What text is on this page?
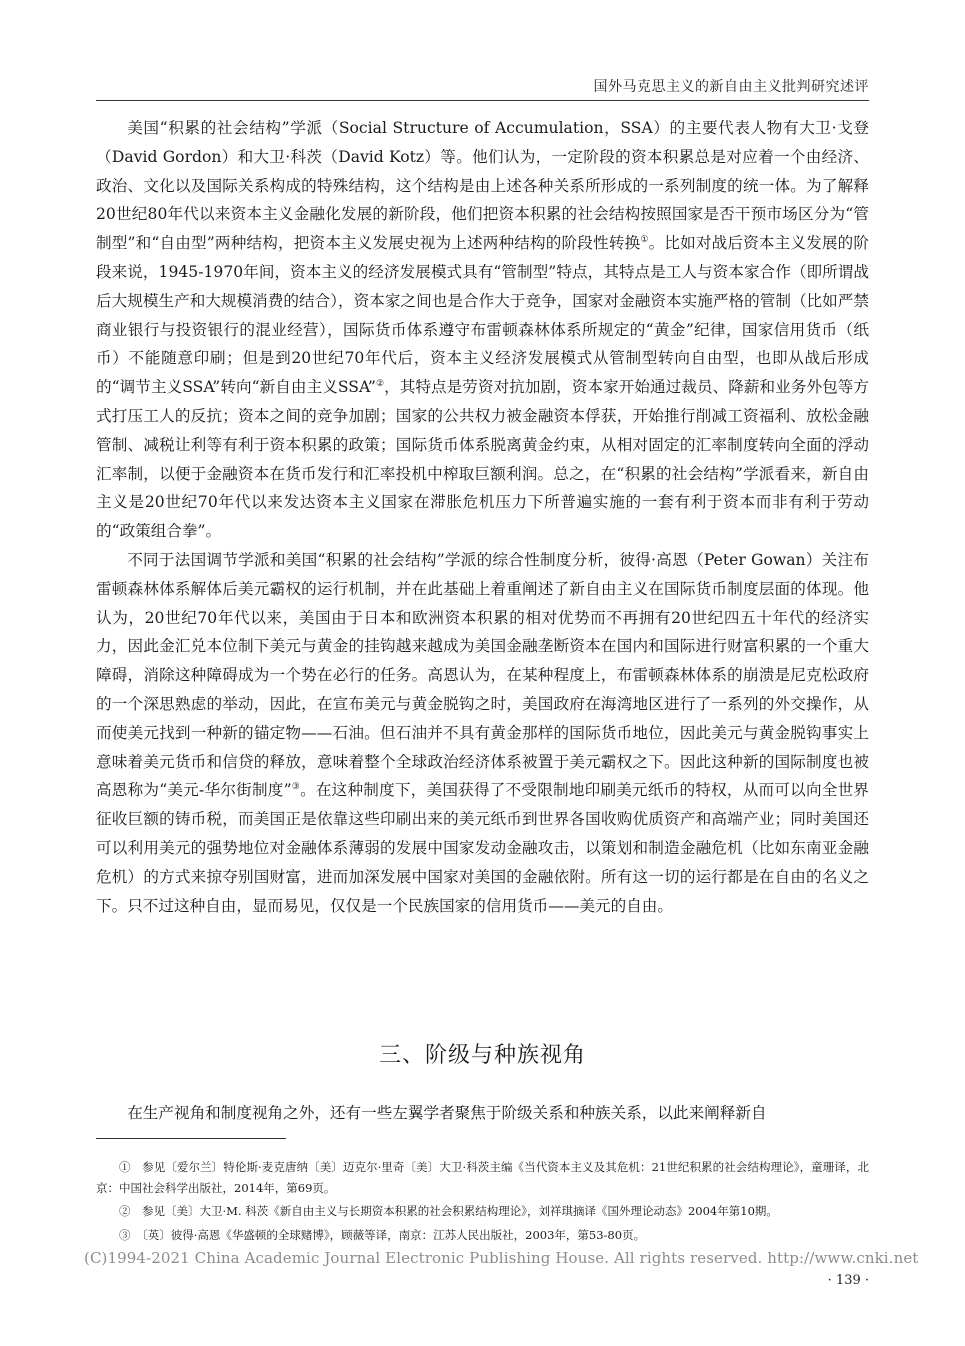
国外马克思主义的新自由主义批判研究述评

美国“积累的社会结构”学派（Social Structure of Accumulation，SSA）的主要代表人物有大卫·戈登（David Gordon）和大卫·科茨（David Kotz）等。他们认为，一定阶段的资本积累总是对应着一个由经济、政治、文化以及国际关系构成的特殊结构，这个结构是由上述各种关系所形成的一系列制度的统一体。为了解释20世纪80年代以来资本主义金融化发展的新阶段，他们把资本积累的社会结构按照国家是否干预市场区分为“管制型”和“自由型”两种结构，把资本主义发展史视为上述两种结构的阶段性转换①。比如对战后资本主义发展的阶段来说，1945-1970年间，资本主义的经济发展模式具有“管制型”特点，其特点是工人与资本家合作（即所谓战后大规模生产和大规模消费的结合），资本家之间也是合作大于竞争，国家对金融资本实施严格的管制（比如严禁商业银行与投资银行的混业经营），国际货币体系遵守布雷顿森林体系所规定的“黄金”纪律，国家信用货币（纸币）不能随意印刷；但是到20世纪70年代后，资本主义经济发展模式从管制型转向自由型，也即从战后形成的“调节主义SSA”转向“新自由主义SSA”②，其特点是劳资对抗加剧，资本家开始通过裁员、降薪和业务外包等方式打压工人的反抗；资本之间的竞争加剧；国家的公共权力被金融资本俘获，开始推行削减工资福利、放松金融管制、减税让利等有利于资本积累的政策；国际货币体系脱离黄金约束，从相对固定的汇率制度转向全面的浮动汇率制，以便于金融资本在货币发行和汇率投机中榨取巨额利润。总之，在“积累的社会结构”学派看来，新自由主义是20世纪70年代以来发达资本主义国家在滞胀危机压力下所普遍实施的一套有利于资本而非有利于劳动的“政策组合拳”。

不同于法国调节学派和美国“积累的社会结构”学派的综合性制度分析，彼得·高恩（Peter Gowan）关注布雷顿森林体系解体后美元霸权的运行机制，并在此基础上着重阐述了新自由主义在国际货币制度层面的体现。他认为，20世纪70年代以来，美国由于日本和欧洲资本积累的相对优势而不再拥有20世纪四五十年代的经济实力，因此金汇兑本位制下美元与黄金的挂钩越来越成为美国金融垄断资本在国内和国际进行财富积累的一个重大障碍，消除这种障碍成为一个势在必行的任务。高恩认为，在某种程度上，布雷顿森林体系的崩溃是尼克松政府的一个深思熟虑的举动，因此，在宣布美元与黄金脱钩之时，美国政府在海湾地区进行了一系列的外交操作，从而使美元找到一种新的锚定物——石油。但石油并不具有黄金那样的国际货币地位，因此美元与黄金脱钩事实上意味着美元货币和信贷的释放，意味着整个全球政治经济体系被置于美元霸权之下。因此这种新的国际制度也被高恩称为“美元-华尔街制度”③。在这种制度下，美国获得了不受限制地印刷美元纸币的特权，从而可以向全世界征收巨额的铸币税，而美国正是依靠这些印刷出来的美元纸币到世界各国收购优质资产和高端产业；同时美国还可以利用美元的强势地位对金融体系薄弱的发展中国家发动金融攻击，以策划和制造金融危机（比如东南亚金融危机）的方式来掠夺别国财富，进而加深发展中国家对美国的金融依附。所有这一切的运行都是在自由的名义之下。只不过这种自由，显而易见，仅仅是一个民族国家的信用货币——美元的自由。

三、阶级与种族视角

在生产视角和制度视角之外，还有一些左翼学者聚焦于阶级关系和种族关系，以此来阐释新自

①　参见〔爱尔兰〕特伦斯·麦克唐纳〔美〕迈克尔·里奇〔美〕大卫·科茨主编《当代资本主义及其危机：21世纪积累的社会结构理论》，童珊译，北京：中国社会科学出版社，2014年，第69页。

②　参见〔美〕大卫·M. 科茨《新自由主义与长期资本积累的社会积累结构理论》，刘祥琪摘译《国外理论动态》2004年第10期。

③　〔英〕彼得·高恩《华盛顿的全球赌博》，顾薇等译，南京：江苏人民出版社，2003年，第53-80页。

(C)1994-2021 China Academic Journal Electronic Publishing House. All rights reserved. http://www.cnki.net
· 139 ·
